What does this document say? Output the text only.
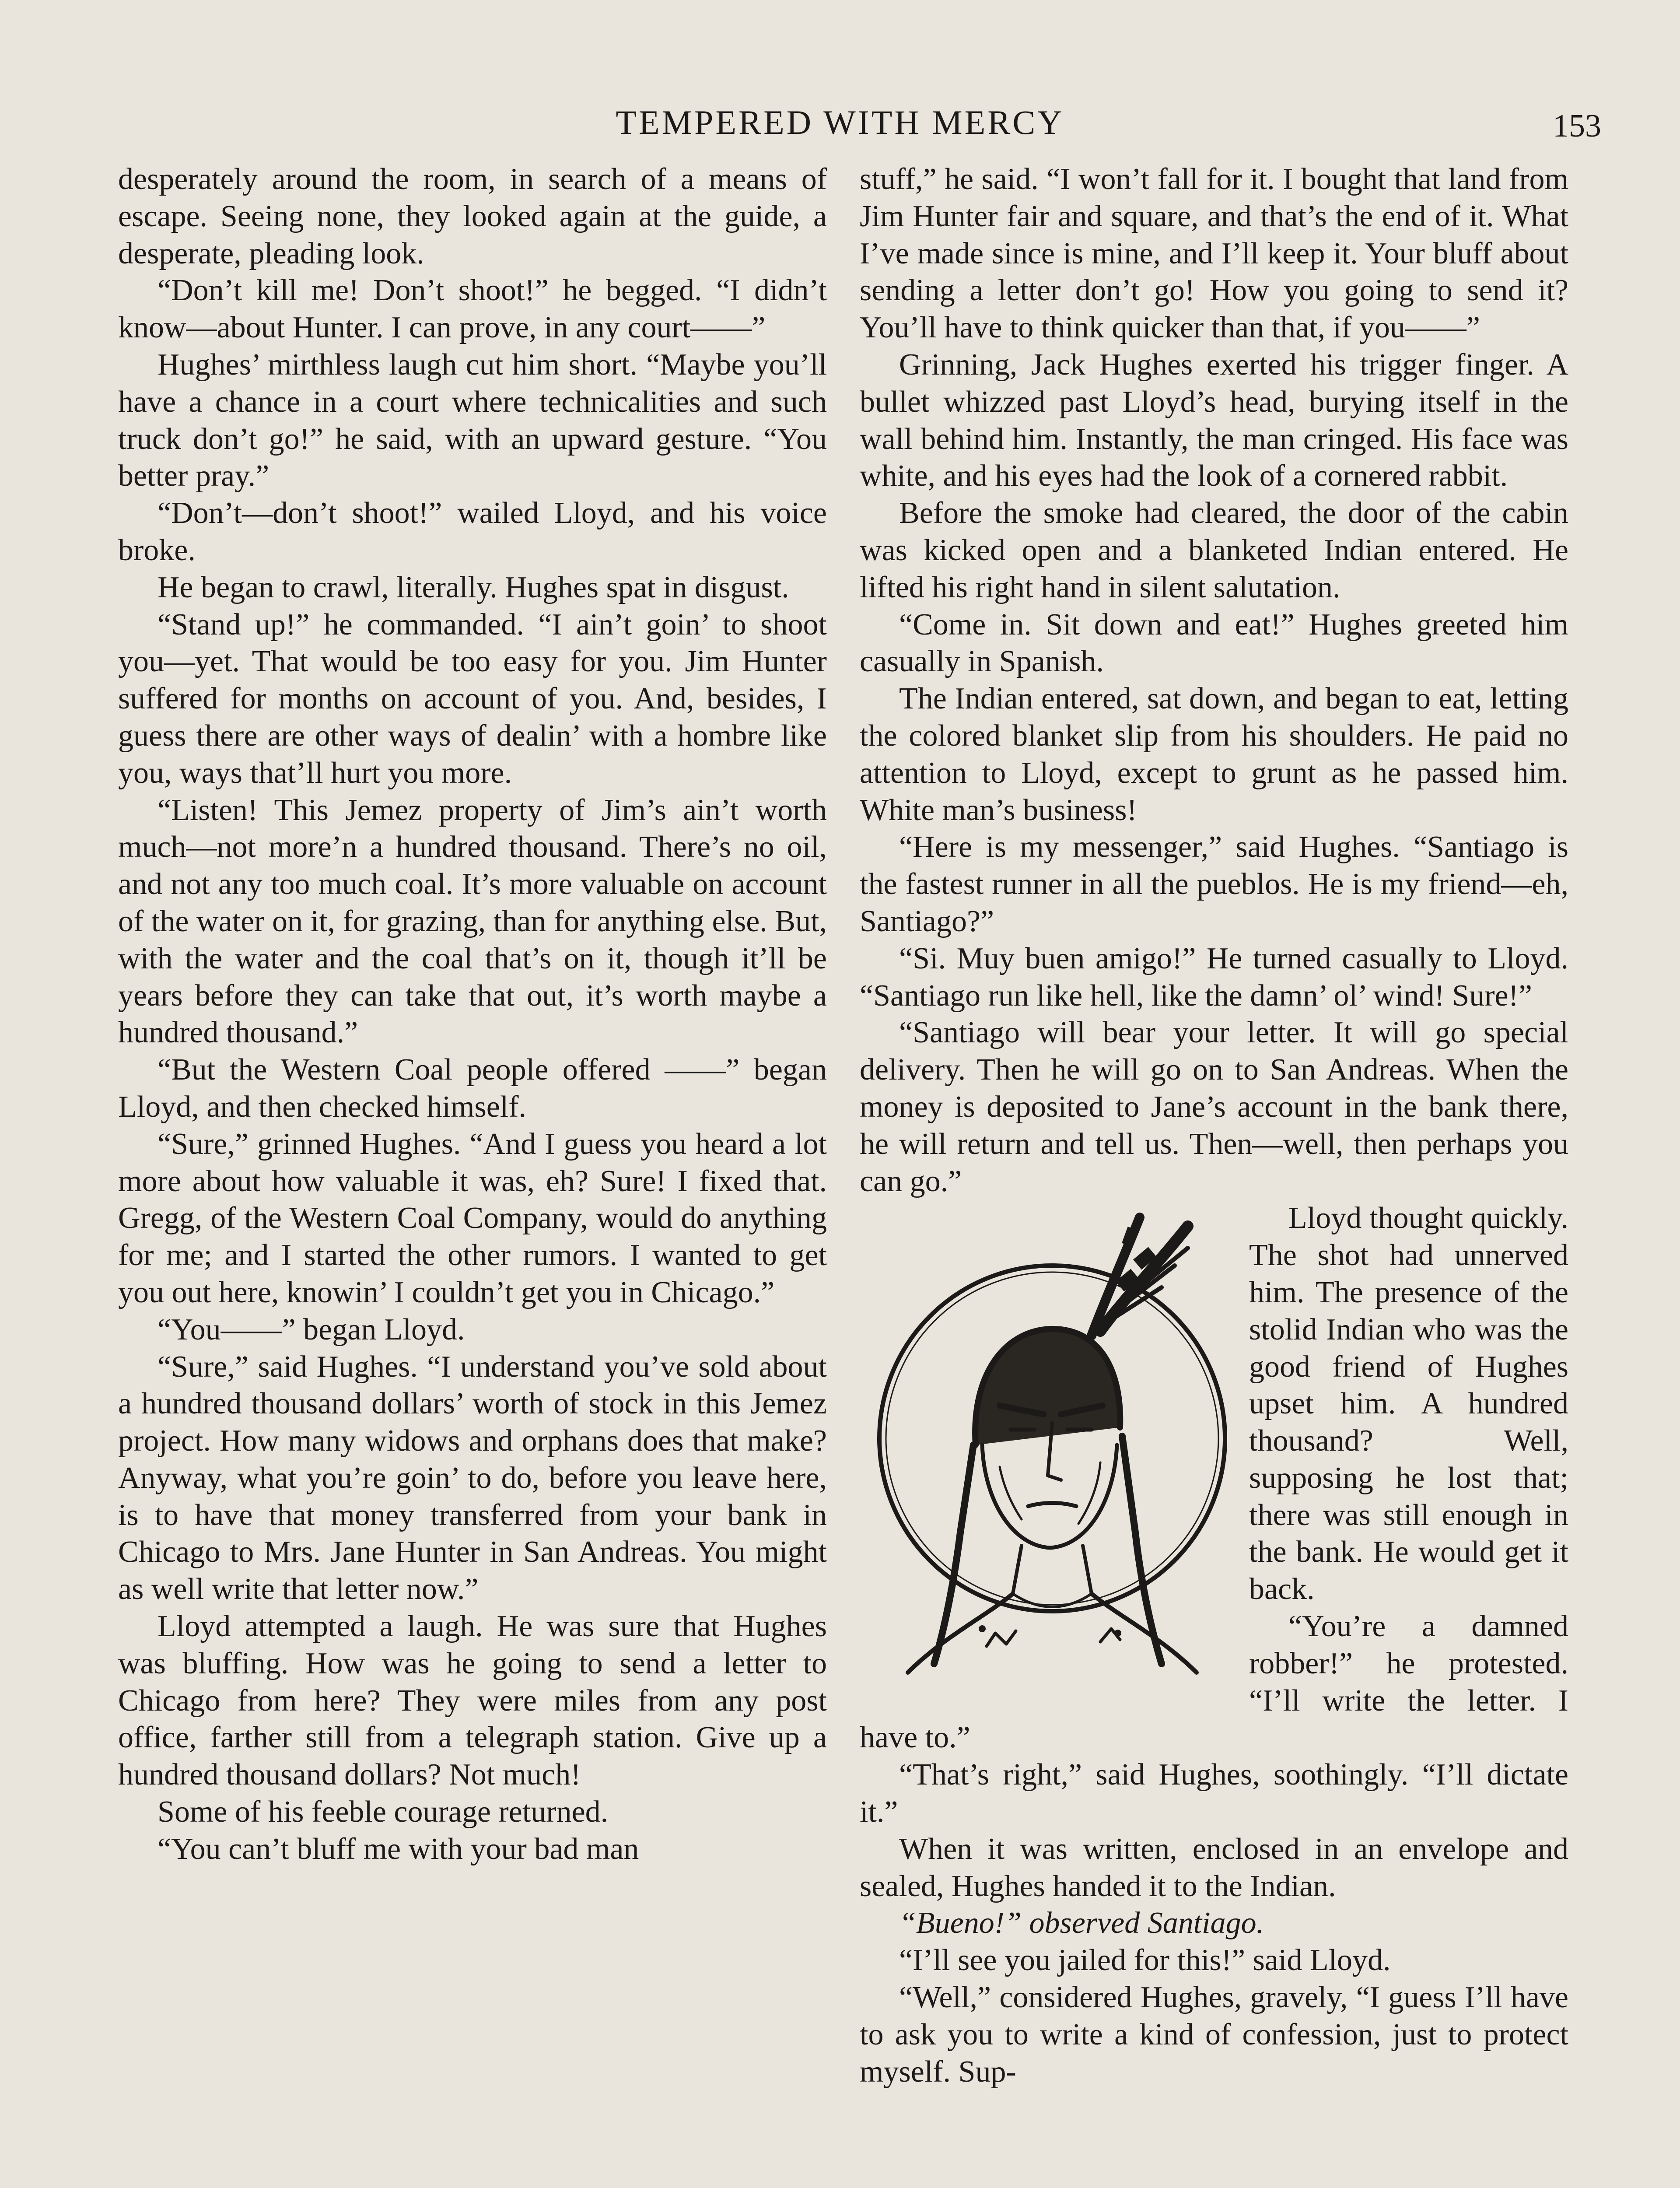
TEMPERED WITH MERCY	153

desperately around the room, in search of a means of escape. Seeing none, they looked again at the guide, a desperate, pleading look.

“Don’t kill me! Don’t shoot!” he begged. “I didn’t know—about Hunter. I can prove, in any court——”

Hughes’ mirthless laugh cut him short. “Maybe you’ll have a chance in a court where technicalities and such truck don’t go!” he said, with an upward gesture. “You better pray.”

“Don’t—don’t shoot!” wailed Lloyd, and his voice broke.

He began to crawl, literally. Hughes spat in disgust.

“Stand up!” he commanded. “I ain’t goin’ to shoot you—yet. That would be too easy for you. Jim Hunter suffered for months on account of you. And, besides, I guess there are other ways of dealin’ with a hombre like you, ways that’ll hurt you more.

“Listen! This Jemez property of Jim’s ain’t worth much—not more’n a hundred thousand. There’s no oil, and not any too much coal. It’s more valuable on account of the water on it, for grazing, than for anything else. But, with the water and the coal that’s on it, though it’ll be years before they can take that out, it’s worth maybe a hundred thousand.”

“But the Western Coal people offered ——” began Lloyd, and then checked himself.

“Sure,” grinned Hughes. “And I guess you heard a lot more about how valuable it was, eh? Sure! I fixed that. Gregg, of the Western Coal Company, would do anything for me; and I started the other rumors. I wanted to get you out here, knowin’ I couldn’t get you in Chicago.”

“You——” began Lloyd.

“Sure,” said Hughes. “I understand you’ve sold about a hundred thousand dollars’ worth of stock in this Jemez project. How many widows and orphans does that make? Anyway, what you’re goin’ to do, before you leave here, is to have that money transferred from your bank in Chicago to Mrs. Jane Hunter in San Andreas. You might as well write that letter now.”

Lloyd attempted a laugh. He was sure that Hughes was bluffing. How was he going to send a letter to Chicago from here? They were miles from any post office, farther still from a telegraph station. Give up a hundred thousand dollars? Not much!

Some of his feeble courage returned.

“You can’t bluff me with your bad man

stuff,” he said. “I won’t fall for it. I bought that land from Jim Hunter fair and square, and that’s the end of it. What I’ve made since is mine, and I’ll keep it. Your bluff about sending a letter don’t go! How you going to send it? You’ll have to think quicker than that, if you——”

Grinning, Jack Hughes exerted his trigger finger. A bullet whizzed past Lloyd’s head, burying itself in the wall behind him. Instantly, the man cringed. His face was white, and his eyes had the look of a cornered rabbit.

Before the smoke had cleared, the door of the cabin was kicked open and a blanketed Indian entered. He lifted his right hand in silent salutation.

“Come in. Sit down and eat!” Hughes greeted him casually in Spanish.

The Indian entered, sat down, and began to eat, letting the colored blanket slip from his shoulders. He paid no attention to Lloyd, except to grunt as he passed him. White man’s business!

“Here is my messenger,” said Hughes. “Santiago is the fastest runner in all the pueblos. He is my friend—eh, Santiago?”

“Si. Muy buen amigo!” He turned casually to Lloyd. “Santiago run like hell, like the damn’ ol’ wind! Sure!”

“Santiago will bear your letter. It will go special delivery. Then he will go on to San Andreas. When the money is deposited to Jane’s account in the bank there, he will return and tell us. Then—well, then perhaps you can go.”

Lloyd thought quickly. The shot had unnerved him. The presence of the stolid Indian who was the good friend of Hughes upset him. A hundred thousand? Well, supposing he lost that; there was still enough in the bank. He would get it back.

“You’re a damned robber!” he protested. “I’ll write the letter. I have to.”

“That’s right,” said Hughes, soothingly. “I’ll dictate it.”

When it was written, enclosed in an envelope and sealed, Hughes handed it to the Indian.

“Bueno!” observed Santiago.

“I’ll see you jailed for this!” said Lloyd.

“Well,” considered Hughes, gravely, “I guess I’ll have to ask you to write a kind of confession, just to protect myself. Sup-
